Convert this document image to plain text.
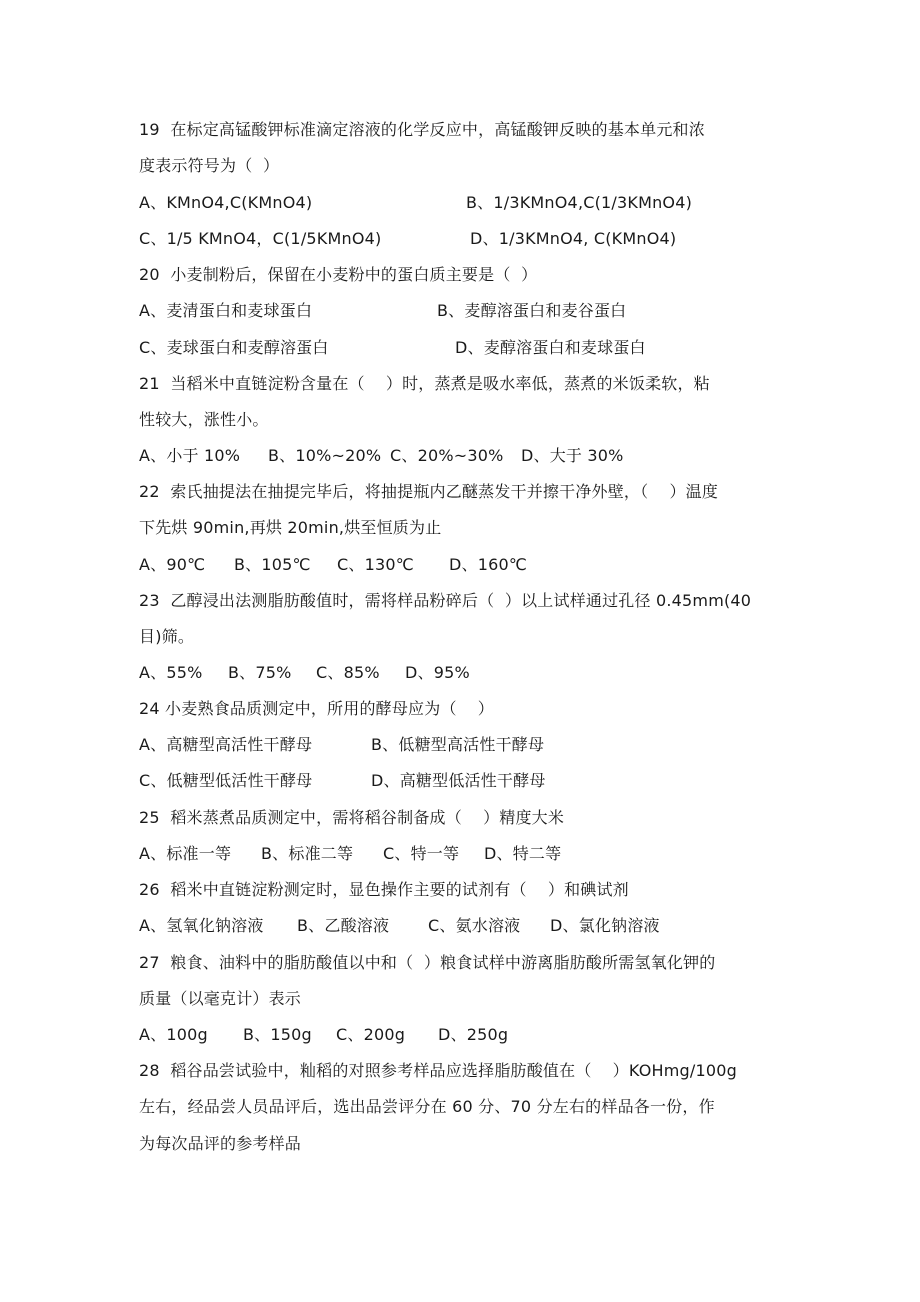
19  在标定高锰酸钾标准滴定溶液的化学反应中，高锰酸钾反映的基本单元和浓
度表示符号为（  ）
A、KMnO4,C(KMnO4)	B、1/3KMnO4,C(1/3KMnO4)
C、1/5 KMnO4，C(1/5KMnO4)	D、1/3KMnO4, C(KMnO4)
20  小麦制粉后，保留在小麦粉中的蛋白质主要是（  ）
A、麦清蛋白和麦球蛋白	B、麦醇溶蛋白和麦谷蛋白
C、麦球蛋白和麦醇溶蛋白	D、麦醇溶蛋白和麦球蛋白
21  当稻米中直链淀粉含量在（    ）时，蒸煮是吸水率低，蒸煮的米饭柔软，粘
性较大，涨性小。
A、小于 10% B、10%~20% C、20%~30% D、大于 30%
22  索氏抽提法在抽提完毕后，将抽提瓶内乙醚蒸发干并擦干净外壁，（    ）温度
下先烘 90min,再烘 20min,烘至恒质为止
A、90℃ B、105℃ C、130℃ D、160℃
23  乙醇浸出法测脂肪酸值时，需将样品粉碎后（  ）以上试样通过孔径 0.45mm(40
目)筛。
A、55% B、75% C、85% D、95%
24 小麦熟食品质测定中，所用的酵母应为（    ）
A、高糖型高活性干酵母	B、低糖型高活性干酵母
C、低糖型低活性干酵母	D、高糖型低活性干酵母
25  稻米蒸煮品质测定中，需将稻谷制备成（    ）精度大米
A、标准一等 B、标准二等 C、特一等 D、特二等
26  稻米中直链淀粉测定时，显色操作主要的试剂有（    ）和碘试剂
A、氢氧化钠溶液 B、乙酸溶液 C、氨水溶液 D、氯化钠溶液
27  粮食、油料中的脂肪酸值以中和（  ）粮食试样中游离脂肪酸所需氢氧化钾的
质量（以毫克计）表示
A、100g B、150g C、200g D、250g
28  稻谷品尝试验中，籼稻的对照参考样品应选择脂肪酸值在（    ）KOHmg/100g
左右，经品尝人员品评后，选出品尝评分在 60 分、70 分左右的样品各一份，作
为每次品评的参考样品
